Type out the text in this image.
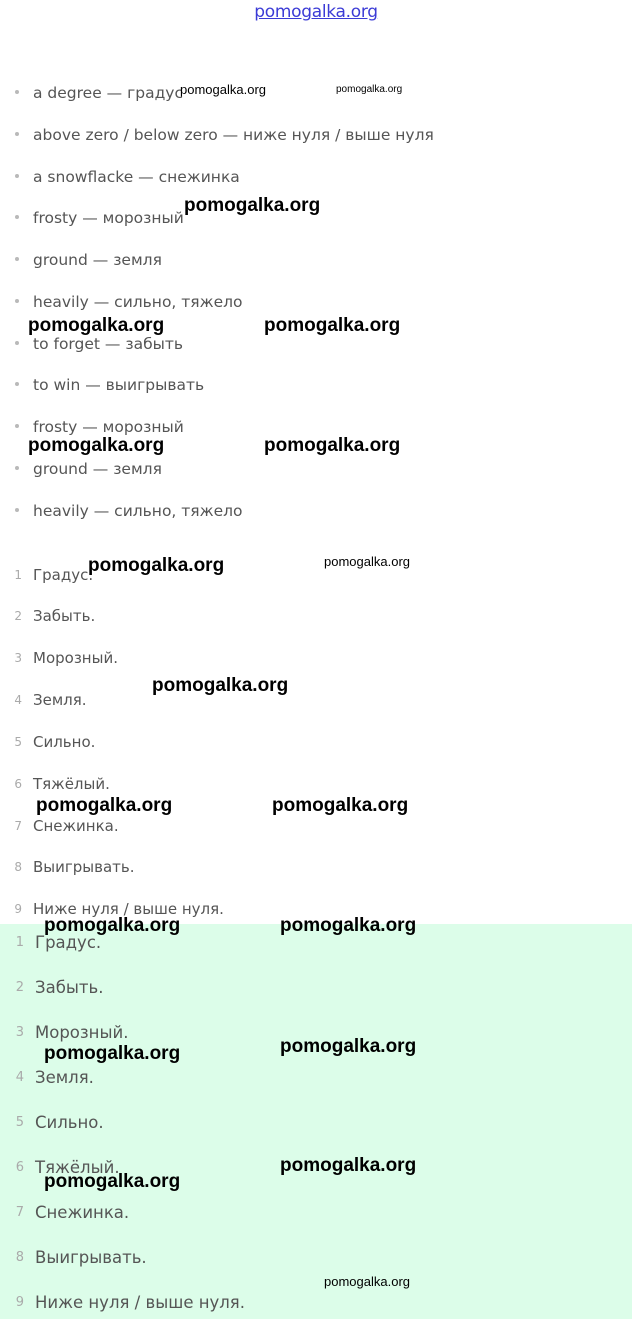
pomogalka.org
a degree — градус
above zero / below zero — ниже нуля / выше нуля
a snowflacke — снежинка
frosty — морозный
ground — земля
heavily — сильно, тяжело
to forget — забыть
to win — выигрывать
frosty — морозный
ground — земля
heavily — сильно, тяжело
1 Градус.
2 Забыть.
3 Морозный.
4 Земля.
5 Сильно.
6 Тяжёлый.
7 Снежинка.
8 Выигрывать.
9 Ниже нуля / выше нуля.
1 Градус.
2 Забыть.
3 Морозный.
4 Земля.
5 Сильно.
6 Тяжёлый.
7 Снежинка.
8 Выигрывать.
9 Ниже нуля / выше нуля.
pomogalka.org	pomogalka.org
pomogalka.org
pomogalka.org	pomogalka.org
pomogalka.org	pomogalka.org
pomogalka.org	pomogalka.org
pomogalka.org
pomogalka.org	pomogalka.org
pomogalka.org	pomogalka.org
pomogalka.org	pomogalka.org
pomogalka.org
pomogalka.org
pomogalka.org
